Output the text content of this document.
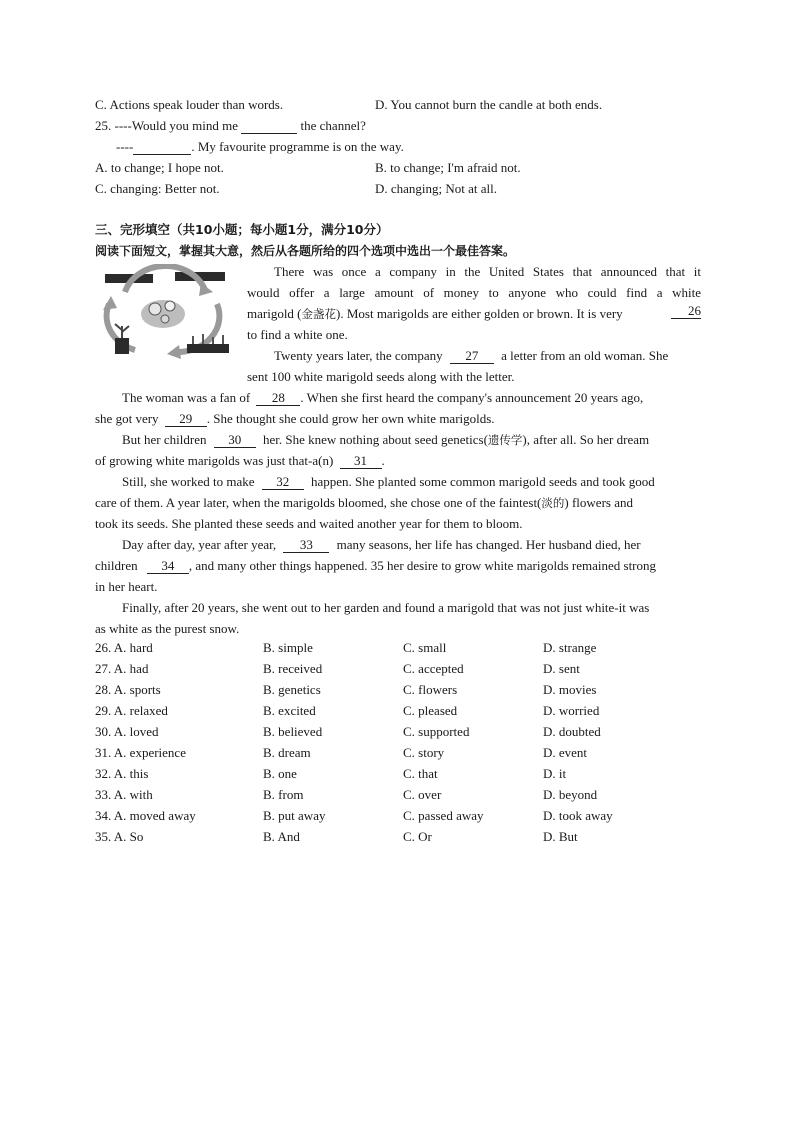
C. Actions speak louder than words.	D. You cannot burn the candle at both ends.
25. ----Would you mind me	the channel?
----	. My favourite programme is on the way.
A. to change; I hope not.	B. to change; I'm afraid not.
C. changing: Better not.	D. changing; Not at all.
三、完形填空（共10小题；每小题1分，满分10分）
阅读下面短文，掌握其大意，然后从各题所给的四个选项中选出一个最佳答案。
There was once a company in the United States that announced that it
would offer a large amount of money to anyone who could find a white
marigold (金盏花). Most marigolds are either golden or brown. It is very	26
to find a white one.
Twenty years later, the company 27 a letter from an old woman. She
sent 100 white marigold seeds along with the letter.
The woman was a fan of 28 . When she first heard the company's announcement 20 years ago,
she got very 29 . She thought she could grow her own white marigolds.
But her children 30 her. She knew nothing about seed genetics(遗传学), after all. So her dream
of growing white marigolds was just that-a(n) 31 .
Still, she worked to make 32 happen. She planted some common marigold seeds and took good
care of them. A year later, when the marigolds bloomed, she chose one of the faintest(淡的) flowers and
took its seeds. She planted these seeds and waited another year for them to bloom.
Day after day, year after year, 33 many seasons, her life has changed. Her husband died, her
children 34 , and many other things happened. 35 her desire to grow white marigolds remained strong
in her heart.
Finally, after 20 years, she went out to her garden and found a marigold that was not just white-it was
as white as the purest snow.
26. A. hard	B. simple	C. small	D. strange
27. A. had	B. received	C. accepted	D. sent
28. A. sports	B. genetics	C. flowers	D. movies
29. A. relaxed	B. excited	C. pleased	D. worried
30. A. loved	B. believed	C. supported	D. doubted
31. A. experience	B. dream	C. story	D. event
32. A. this	B. one	C. that	D. it
33. A. with	B. from	C. over	D. beyond
34. A. moved away	B. put away	C. passed away	D. took away
35. A. So	B. And	C. Or	D. But
